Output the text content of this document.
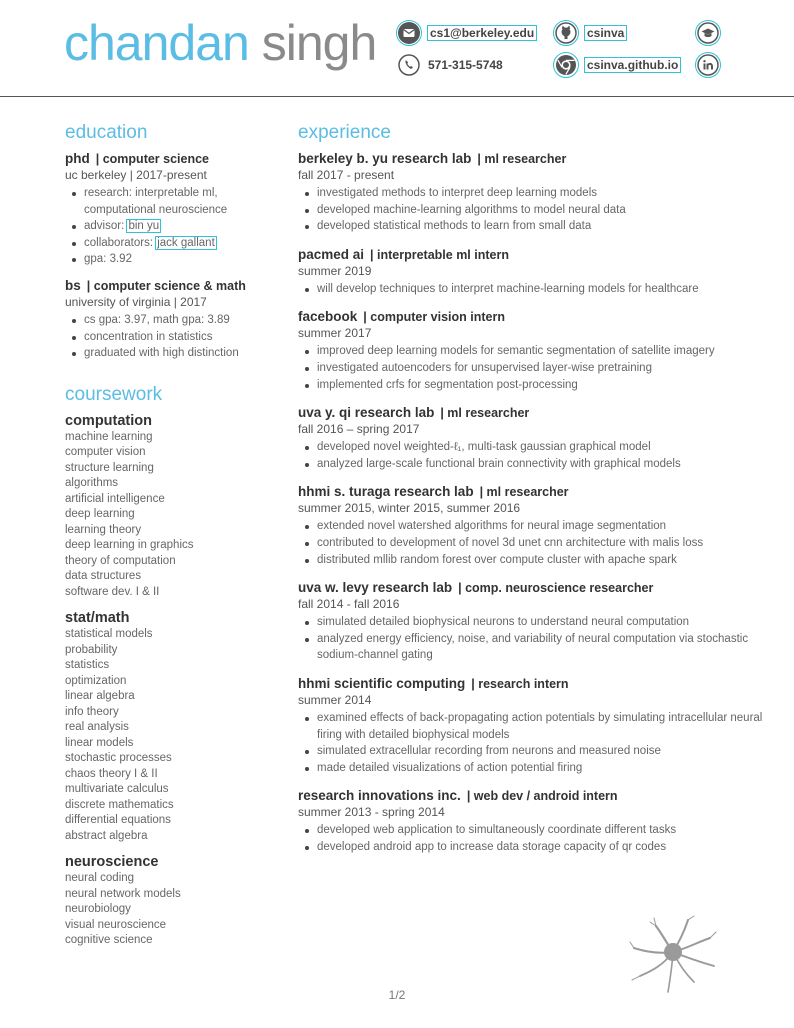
chandan singh	cs1@berkeley.edu
571-315-5748
csinva
csinva.github.io
education
phd | computer science
uc berkeley | 2017-present
research: interpretable ml, computational neuroscience
advisor: bin yu
collaborators: jack gallant
gpa: 3.92
bs | computer science & math
university of virginia | 2017
cs gpa: 3.97, math gpa: 3.89
concentration in statistics
graduated with high distinction
coursework
computation
machine learning
computer vision
structure learning
algorithms
artificial intelligence
deep learning
learning theory
deep learning in graphics
theory of computation
data structures
software dev. I & II
stat/math
statistical models
probability
statistics
optimization
linear algebra
info theory
real analysis
linear models
stochastic processes
chaos theory I & II
multivariate calculus
discrete mathematics
differential equations
abstract algebra
neuroscience
neural coding
neural network models
neurobiology
visual neuroscience
cognitive science
experience
berkeley b. yu research lab | ml researcher
fall 2017 - present
investigated methods to interpret deep learning models
developed machine-learning algorithms to model neural data
developed statistical methods to learn from small data
pacmed ai | interpretable ml intern
summer 2019
will develop techniques to interpret machine-learning models for healthcare
facebook | computer vision intern
summer 2017
improved deep learning models for semantic segmentation of satellite imagery
investigated autoencoders for unsupervised layer-wise pretraining
implemented crfs for segmentation post-processing
uva y. qi research lab | ml researcher
fall 2016 – spring 2017
developed novel weighted-ℓ₁, multi-task gaussian graphical model
analyzed large-scale functional brain connectivity with graphical models
hhmi s. turaga research lab | ml researcher
summer 2015, winter 2015, summer 2016
extended novel watershed algorithms for neural image segmentation
contributed to development of novel 3d unet cnn architecture with malis loss
distributed mllib random forest over compute cluster with apache spark
uva w. levy research lab | comp. neuroscience researcher
fall 2014 - fall 2016
simulated detailed biophysical neurons to understand neural computation
analyzed energy efficiency, noise, and variability of neural computation via stochastic sodium-channel gating
hhmi scientific computing | research intern
summer 2014
examined effects of back-propagating action potentials by simulating intracellular neural firing with detailed biophysical models
simulated extracellular recording from neurons and measured noise
made detailed visualizations of action potential firing
research innovations inc. | web dev / android intern
summer 2013 - spring 2014
developed web application to simultaneously coordinate different tasks
developed android app to increase data storage capacity of qr codes
1/2
